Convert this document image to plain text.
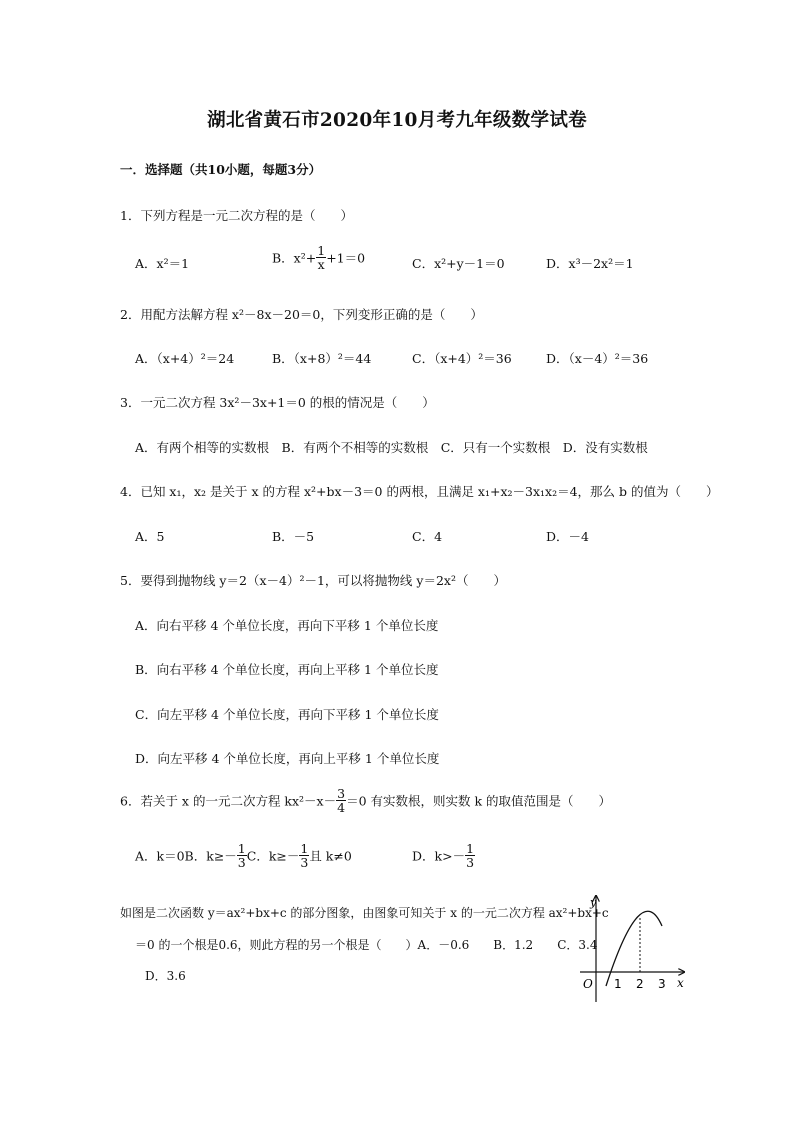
湖北省黄石市2020年10月考九年级数学试卷
一．选择题（共10小题，每题3分）
1．下列方程是一元二次方程的是（　　）
A．x²＝1	B．$x^2+ \frac{1}{x} +1=0$	C．x²+y－1＝0	D．x³－2x²＝1
2．用配方法解方程 x²－8x－20＝0，下列变形正确的是（　　）
A．（x+4）²＝24	B．（x+8）²＝44	C．（x+4）²＝36	D．（x－4）²＝36
3．一元二次方程 3x²－3x+1＝0 的根的情况是（　　）
A．有两个相等的实数根　B．有两个不相等的实数根　C．只有一个实数根　D．没有实数根
4．已知 x₁，x₂ 是关于 x 的方程 x²+bx－3＝0 的两根，且满足 x₁+x₂－3x₁x₂＝4，那么 b 的值为（　　）
A．5	B．－5	C．4	D．－4
5．要得到抛物线 y＝2（x－4）²－1，可以将抛物线 y＝2x²（　　）
A．向右平移 4 个单位长度，再向下平移 1 个单位长度
B．向右平移 4 个单位长度，再向上平移 1 个单位长度
C．向左平移 4 个单位长度，再向下平移 1 个单位长度
D．向左平移 4 个单位长度，再向上平移 1 个单位长度
6．若关于 x 的一元二次方程 $kx^2-x- \frac{3}{4} =0$ 有实数根，则实数 k 的取值范围是（　　）
A．k＝0B．$k\ge- \frac{1}{3}$ C．$k\ge- \frac{1}{3}$ 且 k≠0	D．$k>- \frac{1}{3}$
如图是二次函数 y＝ax²+bx+c 的部分图象，由图象可知关于 x 的一元二次方程 ax²+bx+c
＝0 的一个根是0.6，则此方程的另一个根是（　　）A．－0.6　　B．1.2　　C．3.4
D．3.6	x
y
O 1 2 3
